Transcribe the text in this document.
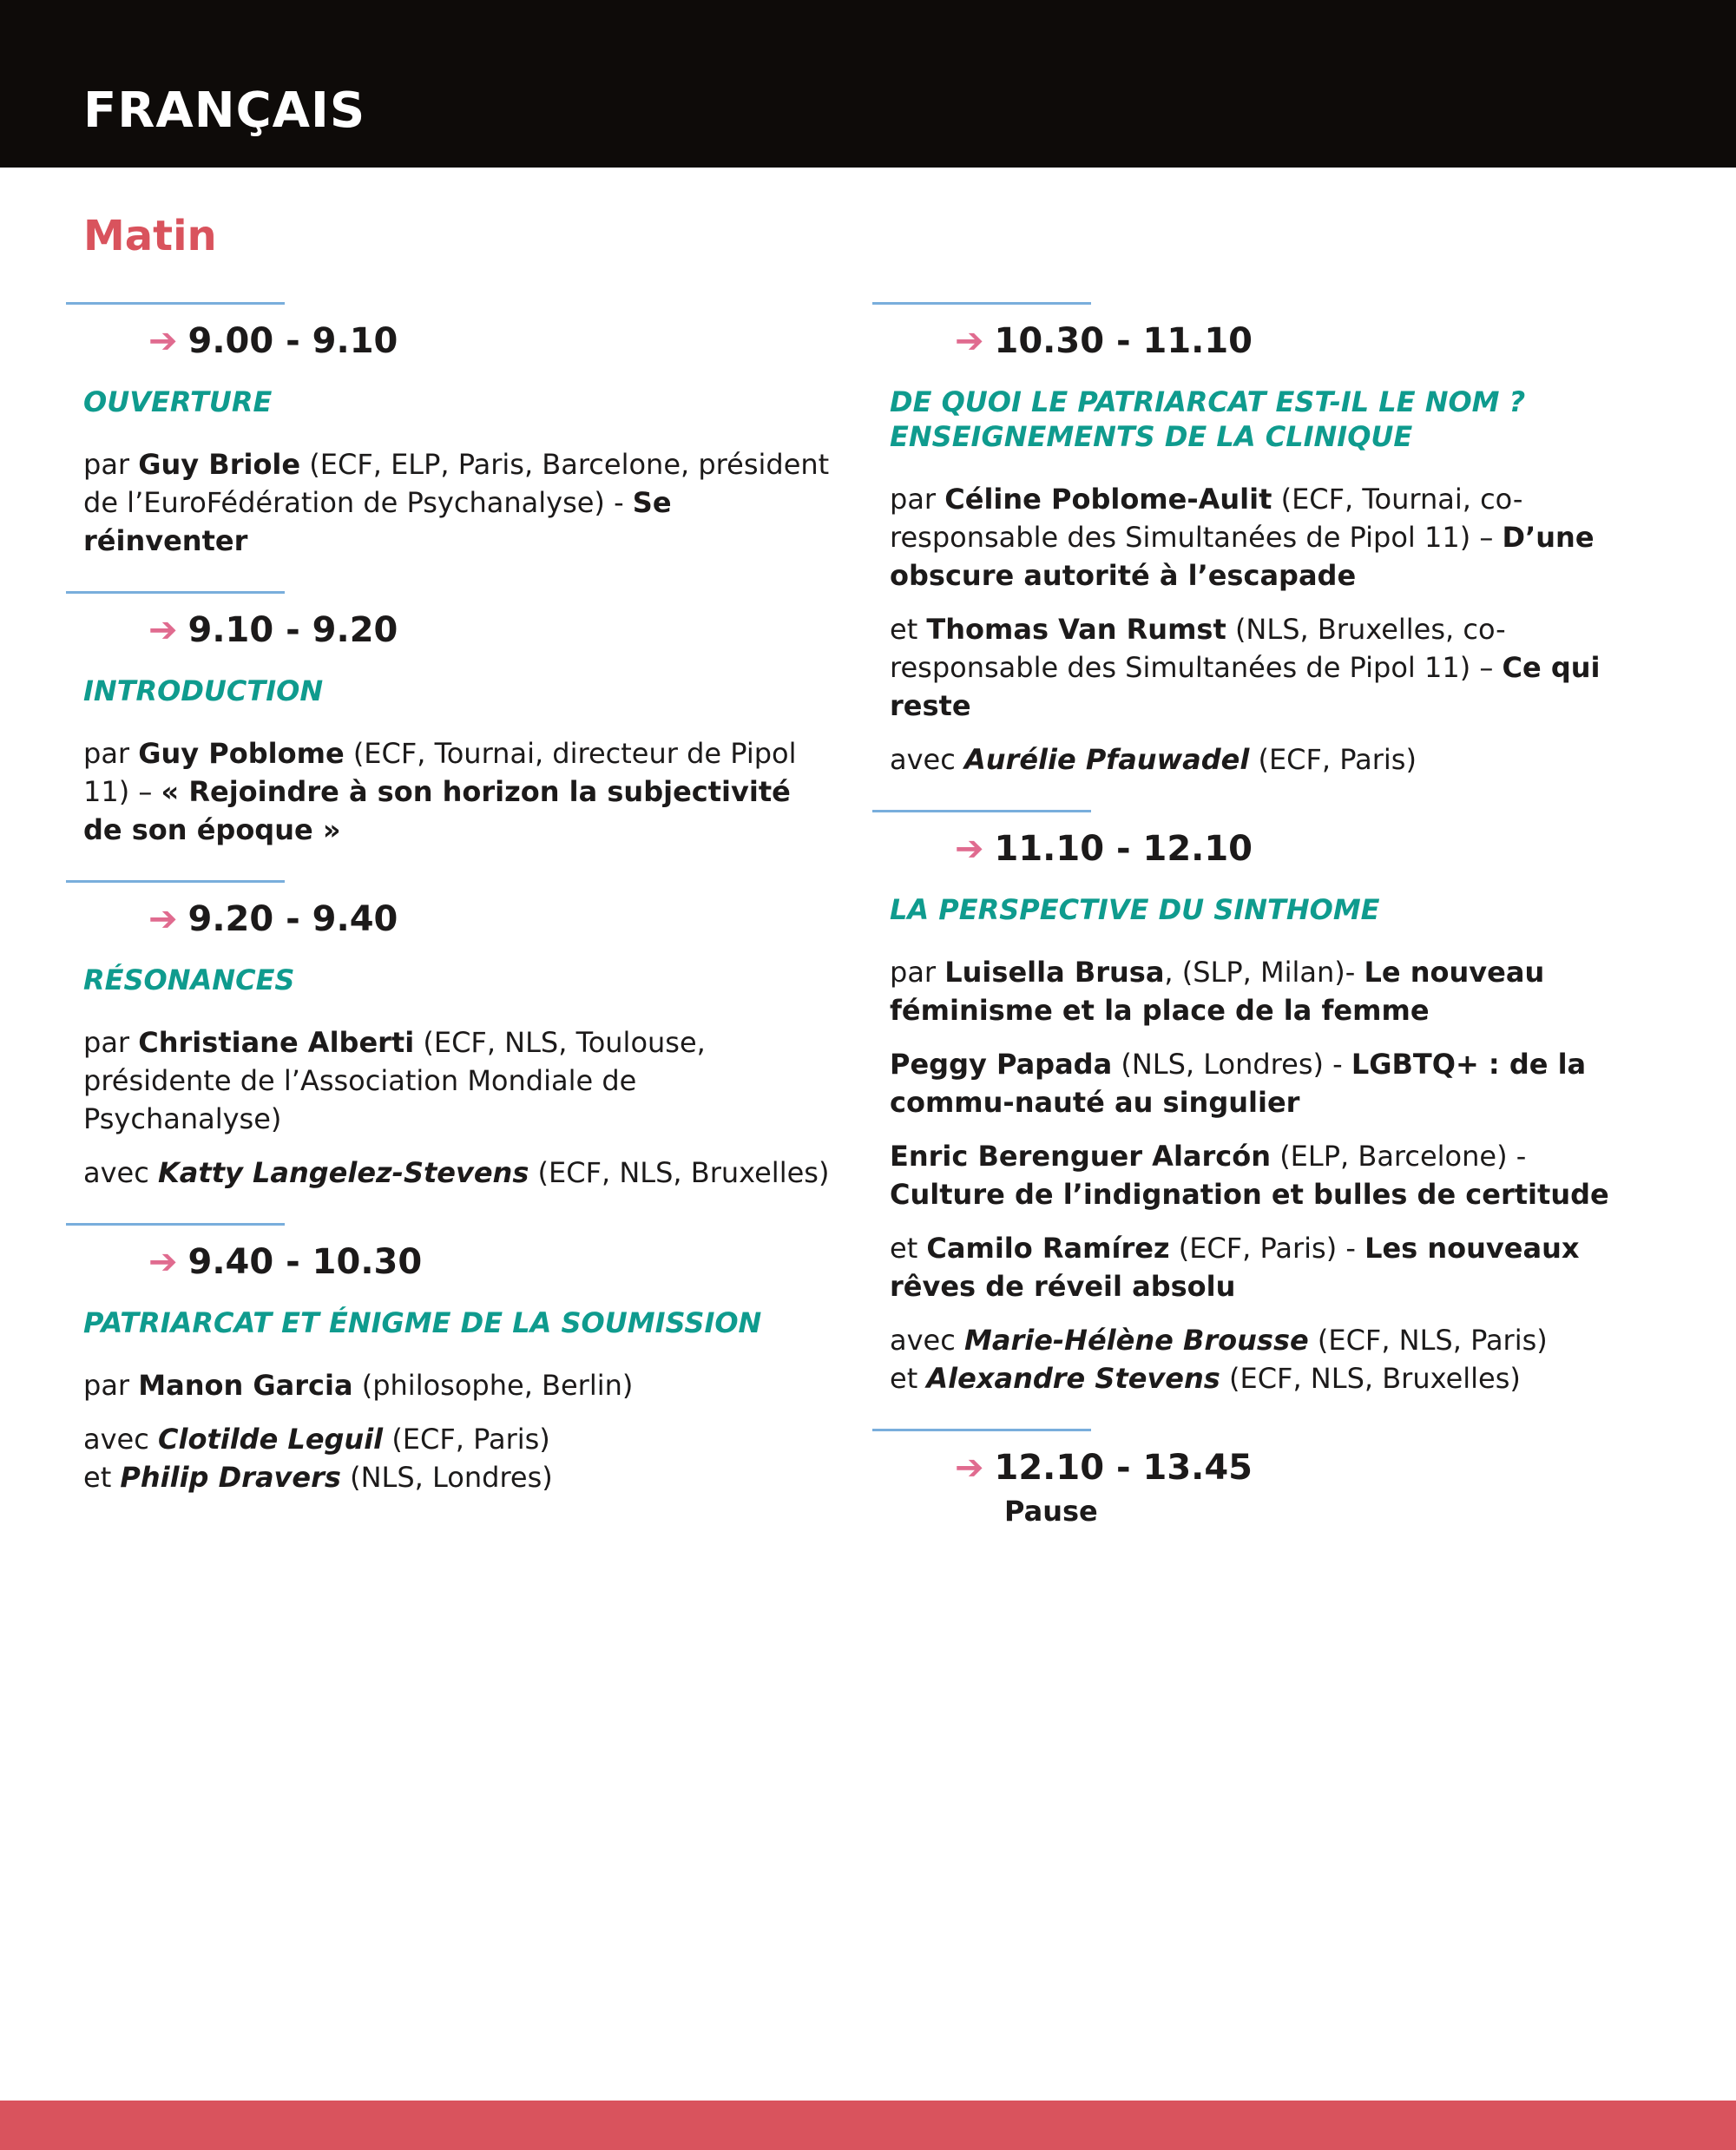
FRANÇAIS
Matin
➔ 9.00 - 9.10
OUVERTURE
par Guy Briole (ECF, ELP, Paris, Barcelone, président de l’EuroFédération de Psychanalyse) - Se réinventer
➔ 9.10 - 9.20
INTRODUCTION
par Guy Poblome (ECF, Tournai, directeur de Pipol 11) – « Rejoindre à son horizon la subjectivité de son époque »
➔ 9.20 - 9.40
RÉSONANCES
par Christiane Alberti (ECF, NLS, Toulouse, présidente de l’Association Mondiale de Psychanalyse)
avec Katty Langelez-Stevens (ECF, NLS, Bruxelles)
➔ 9.40 - 10.30
PATRIARCAT ET ÉNIGME DE LA SOUMISSION
par Manon Garcia (philosophe, Berlin)
avec Clotilde Leguil (ECF, Paris)
et Philip Dravers (NLS, Londres)
➔ 10.30 - 11.10
DE QUOI LE PATRIARCAT EST-IL LE NOM ?
ENSEIGNEMENTS DE LA CLINIQUE
par Céline Poblome-Aulit (ECF, Tournai, co-responsable des Simultanées de Pipol 11) – D’une obscure autorité à l’escapade
et Thomas Van Rumst (NLS, Bruxelles, co-responsable des Simultanées de Pipol 11) – Ce qui reste
avec Aurélie Pfauwadel (ECF, Paris)
➔ 11.10 - 12.10
LA PERSPECTIVE DU SINTHOME
par Luisella Brusa, (SLP, Milan)- Le nouveau féminisme et la place de la femme
Peggy Papada (NLS, Londres) - LGBTQ+ : de la commu-nauté au singulier
Enric Berenguer Alarcón (ELP, Barcelone) - Culture de l’indignation et bulles de certitude
et Camilo Ramírez (ECF, Paris) - Les nouveaux rêves de réveil absolu
avec Marie-Hélène Brousse (ECF, NLS, Paris)
et Alexandre Stevens (ECF, NLS, Bruxelles)
➔ 12.10 - 13.45
Pause
